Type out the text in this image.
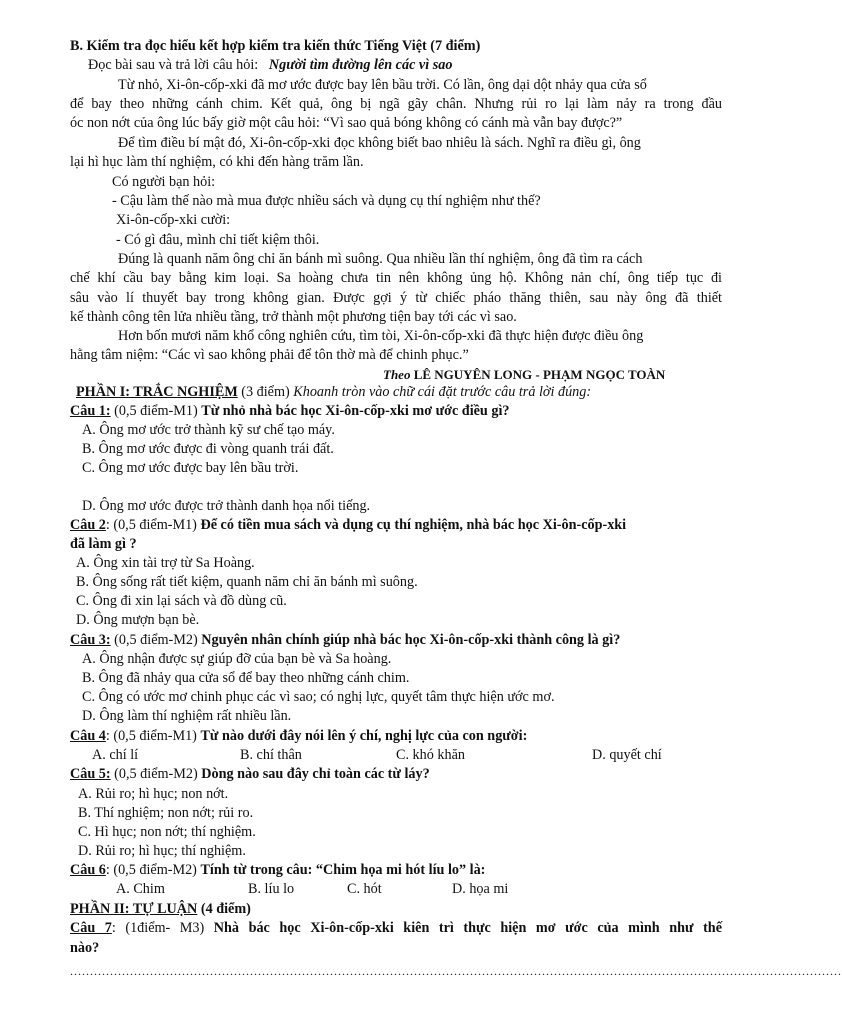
B. Kiểm tra đọc hiểu kết hợp kiểm tra kiến thức Tiếng Việt (7 điểm)
Đọc bài sau và trả lời câu hỏi: Người tìm đường lên các vì sao
Từ nhỏ, Xi-ôn-cốp-xki đã mơ ước được bay lên bầu trời. Có lần, ông dại dột nhảy qua cửa sổ
để bay theo những cánh chim. Kết quả, ông bị ngã gãy chân. Nhưng rủi ro lại làm nảy ra trong đầu
óc non nớt của ông lúc bấy giờ một câu hỏi: “Vì sao quả bóng không có cánh mà vẫn bay được?”
Để tìm điều bí mật đó, Xi-ôn-cốp-xki đọc không biết bao nhiêu là sách. Nghĩ ra điều gì, ông
lại hì hục làm thí nghiệm, có khi đến hàng trăm lần.
Có người bạn hỏi:
- Cậu làm thế nào mà mua được nhiều sách và dụng cụ thí nghiệm như thế?
Xi-ôn-cốp-xki cười:
- Có gì đâu, mình chỉ tiết kiệm thôi.
Đúng là quanh năm ông chỉ ăn bánh mì suông. Qua nhiều lần thí nghiệm, ông đã tìm ra cách
chế khí cầu bay bằng kim loại. Sa hoàng chưa tin nên không ủng hộ. Không nản chí, ông tiếp tục đi
sâu vào lí thuyết bay trong không gian. Được gợi ý từ chiếc pháo thăng thiên, sau này ông đã thiết
kế thành công tên lửa nhiều tầng, trở thành một phương tiện bay tới các vì sao.
Hơn bốn mươi năm khổ công nghiên cứu, tìm tòi, Xi-ôn-cốp-xki đã thực hiện được điều ông
hằng tâm niệm: “Các vì sao không phải để tôn thờ mà để chinh phục.”
Theo LÊ NGUYÊN LONG - PHẠM NGỌC TOÀN
PHẦN I: TRẮC NGHIỆM (3 điểm) Khoanh tròn vào chữ cái đặt trước câu trả lời đúng:
Câu 1: (0,5 điểm-M1) Từ nhỏ nhà bác học Xi-ôn-cốp-xki mơ ước điều gì?
A. Ông mơ ước trở thành kỹ sư chế tạo máy.
B. Ông mơ ước được đi vòng quanh trái đất.
C. Ông mơ ước được bay lên bầu trời.
D. Ông mơ ước được trở thành danh họa nổi tiếng.
Câu 2: (0,5 điểm-M1) Để có tiền mua sách và dụng cụ thí nghiệm, nhà bác học Xi-ôn-cốp-xki
đã làm gì ?
A. Ông xin tài trợ từ Sa Hoàng.
B. Ông sống rất tiết kiệm, quanh năm chỉ ăn bánh mì suông.
C. Ông đi xin lại sách và đồ dùng cũ.
D. Ông mượn bạn bè.
Câu 3: (0,5 điểm-M2) Nguyên nhân chính giúp nhà bác học Xi-ôn-cốp-xki thành công là gì?
A. Ông nhận được sự giúp đỡ của bạn bè và Sa hoàng.
B. Ông đã nhảy qua cửa sổ để bay theo những cánh chim.
C. Ông có ước mơ chinh phục các vì sao; có nghị lực, quyết tâm thực hiện ước mơ.
D. Ông làm thí nghiệm rất nhiều lần.
Câu 4: (0,5 điểm-M1) Từ nào dưới đây nói lên ý chí, nghị lực của con người:
A. chí lí	B. chí thân	C. khó khăn	D. quyết chí
Câu 5: (0,5 điểm-M2) Dòng nào sau đây chỉ toàn các từ láy?
A. Rủi ro; hì hục; non nớt.
B. Thí nghiệm; non nớt; rủi ro.
C. Hì hục; non nớt; thí nghiệm.
D. Rủi ro; hì hục; thí nghiệm.
Câu 6: (0,5 điểm-M2) Tính từ trong câu: “Chim họa mi hót líu lo” là:
A. Chim	B. líu lo	C. hót	D. họa mi
PHẦN II: TỰ LUẬN (4 điểm)
Câu 7: (1điểm- M3) Nhà bác học Xi-ôn-cốp-xki kiên trì thực hiện mơ ước của mình như thế
nào?
.................................................................................................................................................................................................
